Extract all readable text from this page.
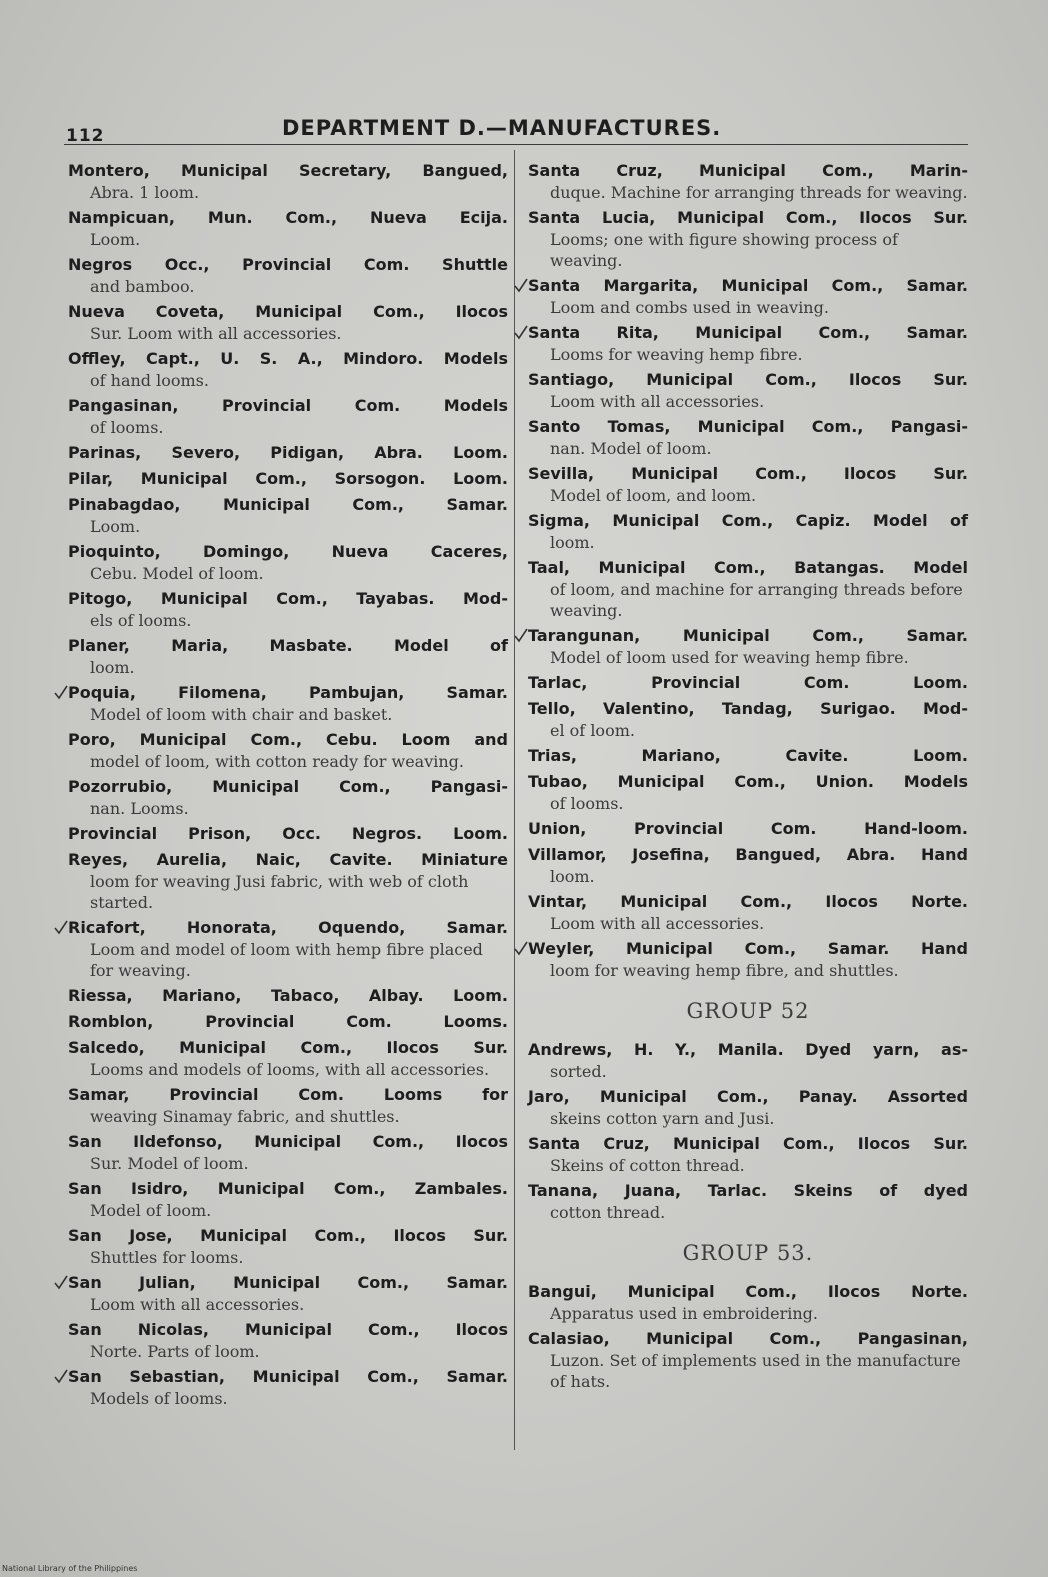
112	DEPARTMENT D.—MANUFACTURES.
Montero, Municipal Secretary, Bangued,
Abra. 1 loom.
Nampicuan, Mun. Com., Nueva Ecija.
Loom.
Negros Occ., Provincial Com. Shuttle
and bamboo.
Nueva Coveta, Municipal Com., Ilocos
Sur. Loom with all accessories.
Offley, Capt., U. S. A., Mindoro. Models
of hand looms.
Pangasinan, Provincial Com. Models
of looms.
Parinas, Severo, Pidigan, Abra. Loom.
Pilar, Municipal Com., Sorsogon. Loom.
Pinabagdao, Municipal Com., Samar.
Loom.
Pioquinto, Domingo, Nueva Caceres,
Cebu. Model of loom.
Pitogo, Municipal Com., Tayabas. Mod-
els of looms.
Planer, Maria, Masbate. Model of
loom.
Poquia, Filomena, Pambujan, Samar.
Model of loom with chair and basket.
Poro, Municipal Com., Cebu. Loom and
model of loom, with cotton ready for weaving.
Pozorrubio, Municipal Com., Pangasi-
nan. Looms.
Provincial Prison, Occ. Negros. Loom.
Reyes, Aurelia, Naic, Cavite. Miniature
loom for weaving Jusi fabric, with web of cloth started.
Ricafort, Honorata, Oquendo, Samar.
Loom and model of loom with hemp fibre placed for weaving.
Riessa, Mariano, Tabaco, Albay. Loom.
Romblon, Provincial Com. Looms.
Salcedo, Municipal Com., Ilocos Sur.
Looms and models of looms, with all accessories.
Samar, Provincial Com. Looms for
weaving Sinamay fabric, and shuttles.
San Ildefonso, Municipal Com., Ilocos
Sur. Model of loom.
San Isidro, Municipal Com., Zambales.
Model of loom.
San Jose, Municipal Com., Ilocos Sur.
Shuttles for looms.
San Julian, Municipal Com., Samar.
Loom with all accessories.
San Nicolas, Municipal Com., Ilocos
Norte. Parts of loom.
San Sebastian, Municipal Com., Samar.
Models of looms.
Santa Cruz, Municipal Com., Marin-
duque. Machine for arranging threads for weaving.
Santa Lucia, Municipal Com., Ilocos Sur.
Looms; one with figure showing process of weaving.
Santa Margarita, Municipal Com., Samar.
Loom and combs used in weaving.
Santa Rita, Municipal Com., Samar.
Looms for weaving hemp fibre.
Santiago, Municipal Com., Ilocos Sur.
Loom with all accessories.
Santo Tomas, Municipal Com., Pangasi-
nan. Model of loom.
Sevilla, Municipal Com., Ilocos Sur.
Model of loom, and loom.
Sigma, Municipal Com., Capiz. Model of
loom.
Taal, Municipal Com., Batangas. Model
of loom, and machine for arranging threads before weaving.
Tarangunan, Municipal Com., Samar.
Model of loom used for weaving hemp fibre.
Tarlac, Provincial Com. Loom.
Tello, Valentino, Tandag, Surigao. Mod-
el of loom.
Trias, Mariano, Cavite. Loom.
Tubao, Municipal Com., Union. Models
of looms.
Union, Provincial Com. Hand-loom.
Villamor, Josefina, Bangued, Abra. Hand
loom.
Vintar, Municipal Com., Ilocos Norte.
Loom with all accessories.
Weyler, Municipal Com., Samar. Hand
loom for weaving hemp fibre, and shuttles.
GROUP 52
Andrews, H. Y., Manila. Dyed yarn, as-
sorted.
Jaro, Municipal Com., Panay. Assorted
skeins cotton yarn and Jusi.
Santa Cruz, Municipal Com., Ilocos Sur.
Skeins of cotton thread.
Tanana, Juana, Tarlac. Skeins of dyed
cotton thread.
GROUP 53.
Bangui, Municipal Com., Ilocos Norte.
Apparatus used in embroidering.
Calasiao, Municipal Com., Pangasinan,
Luzon. Set of implements used in the manufacture of hats.
National Library of the Philippines
